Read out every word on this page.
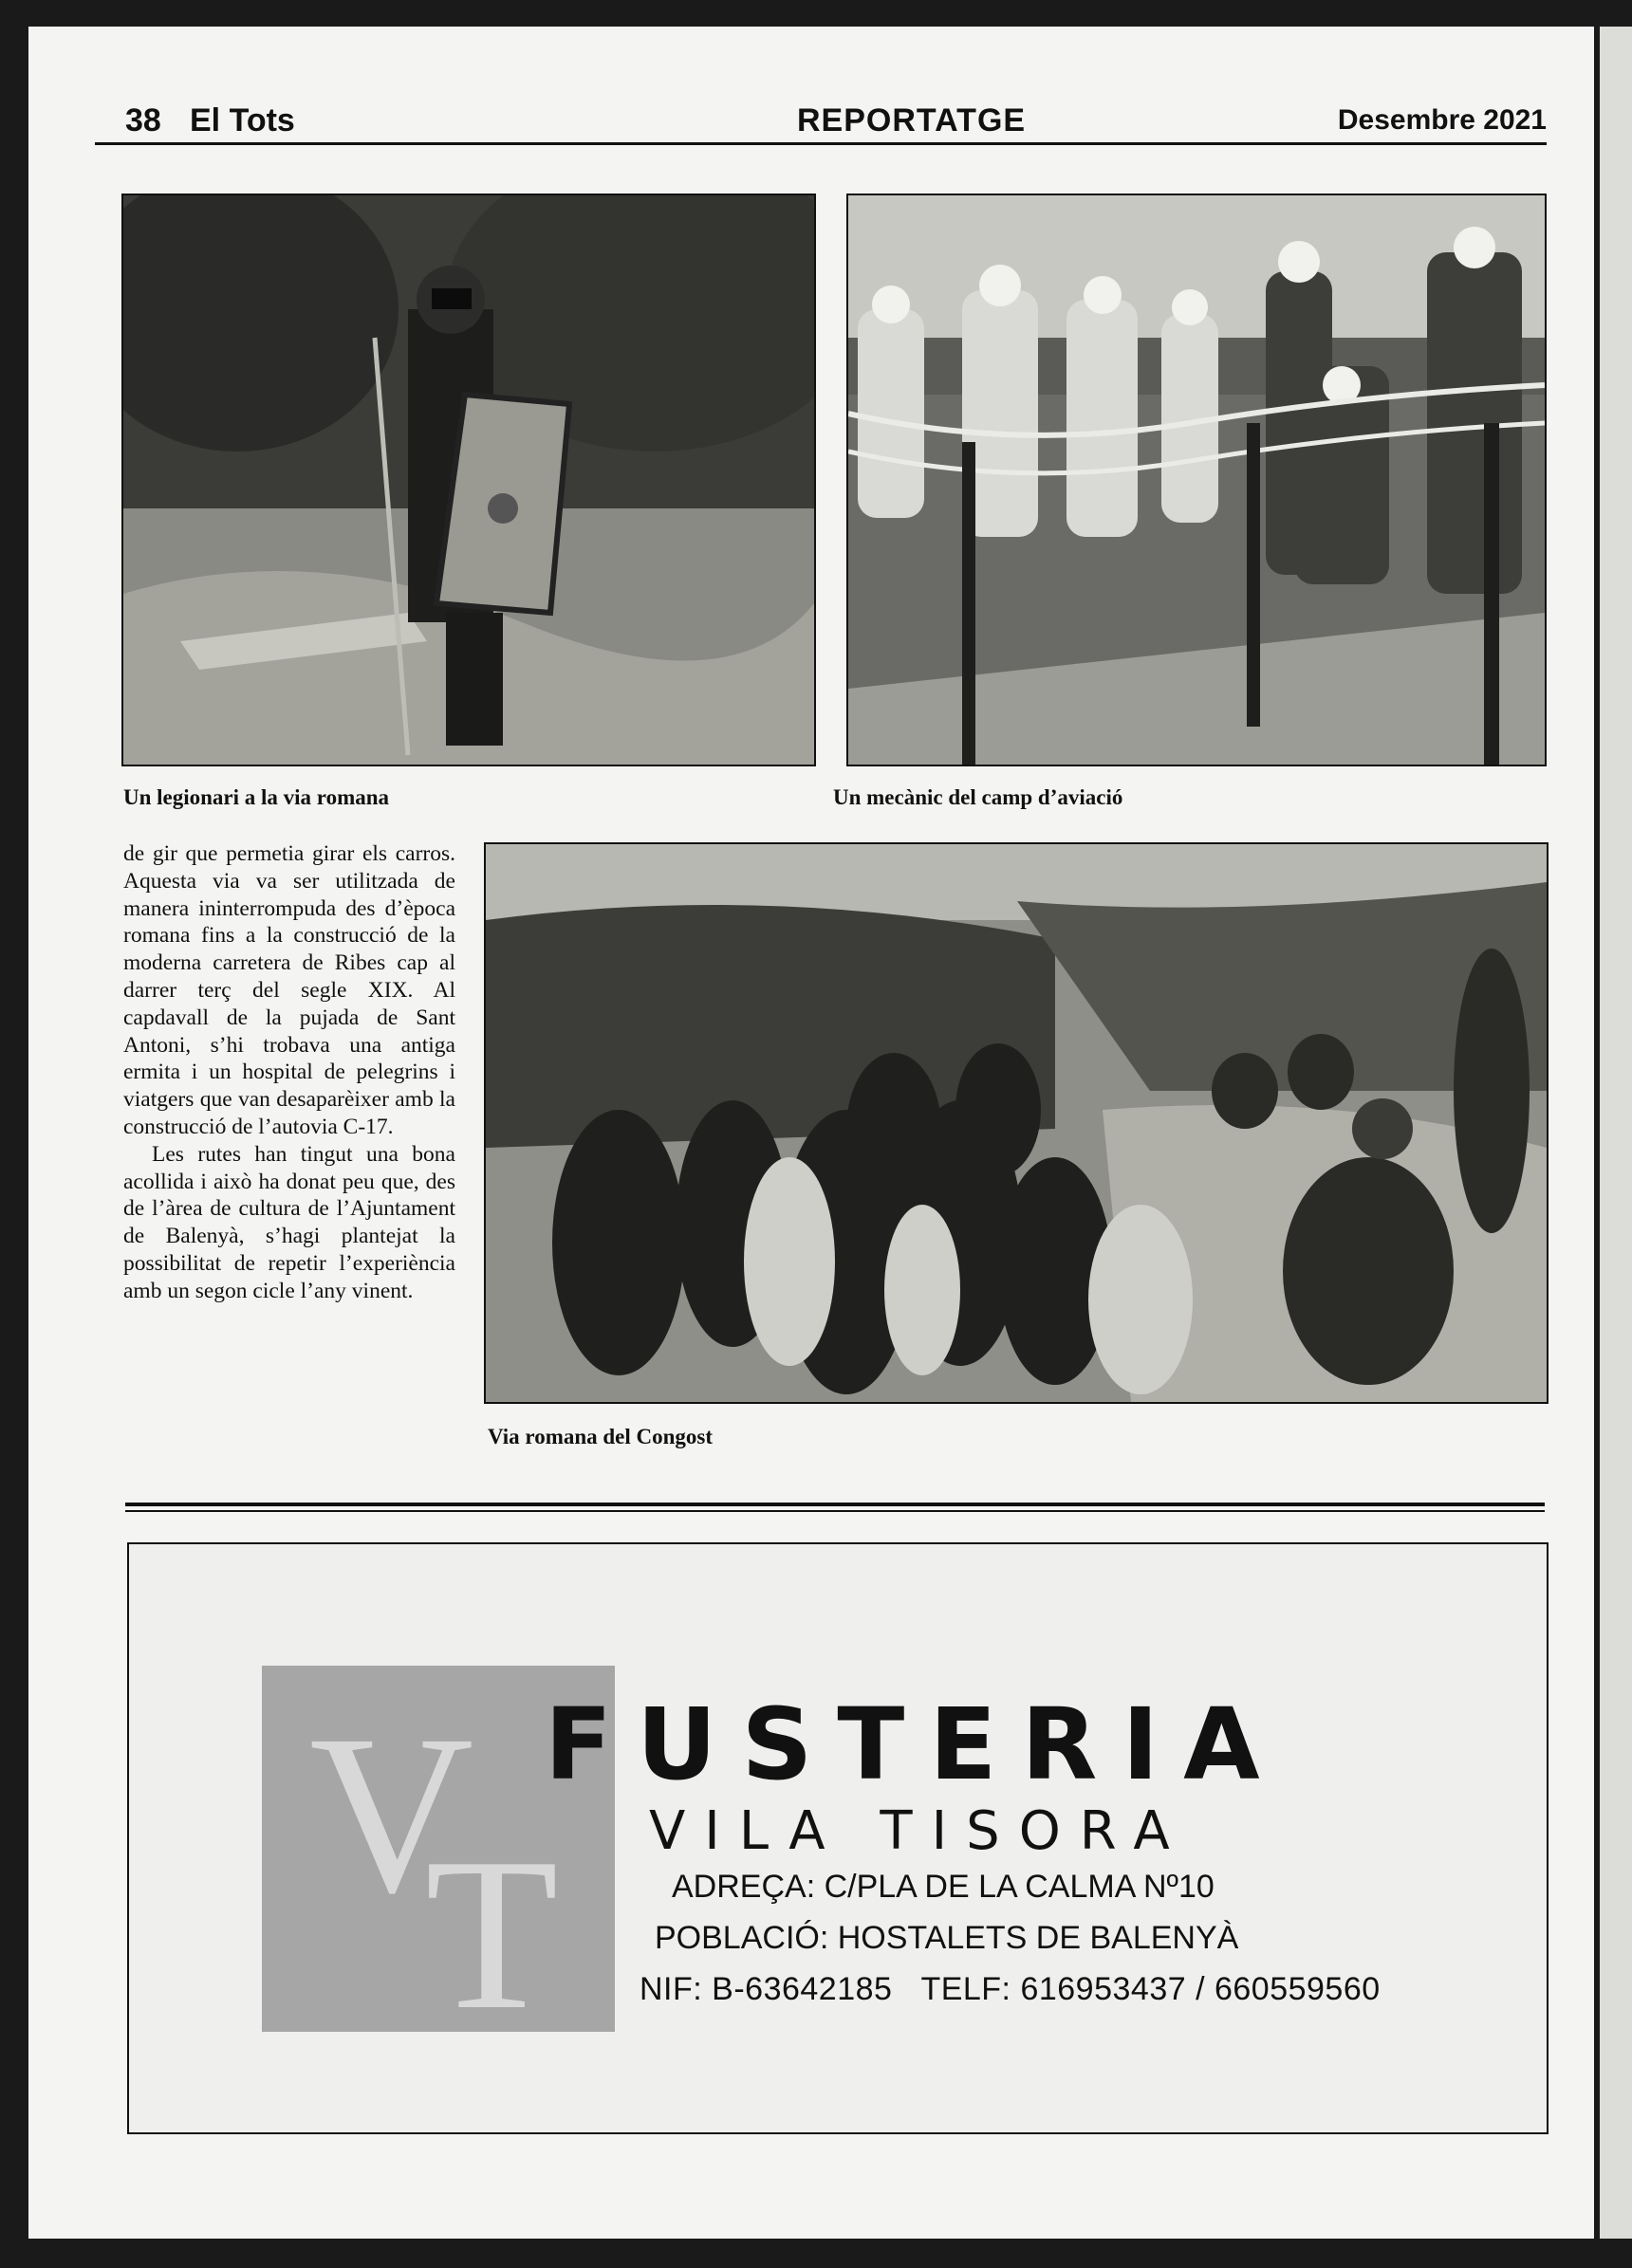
38 El Tots	REPORTATGE	Desembre 2021
Un legionari a la via romana	Un mecànic del camp d’aviació
Via romana del Congost

de gir que permetia girar els carros. Aquesta via va ser utilitzada de manera ininterrompuda des d’època romana fins a la construcció de la moderna carretera de Ribes cap al darrer terç del segle XIX. Al capdavall de la pujada de Sant Antoni, s’hi trobava una antiga ermita i un hospital de pelegrins i viatgers que van desaparèixer amb la construcció de l’autovia C-17.

Les rutes han tingut una bona acollida i això ha donat peu que, des de l’àrea de cultura de l’Ajuntament de Balenyà, s’hagi plantejat la possibilitat de repetir l’experiència amb un segon cicle l’any vinent.

V
T
FUSTERIA
VILA TISORA
ADREÇA: C/PLA DE LA CALMA Nº10
POBLACIÓ: HOSTALETS DE BALENYÀ
NIF: B-63642185 TELF: 616953437 / 660559560
